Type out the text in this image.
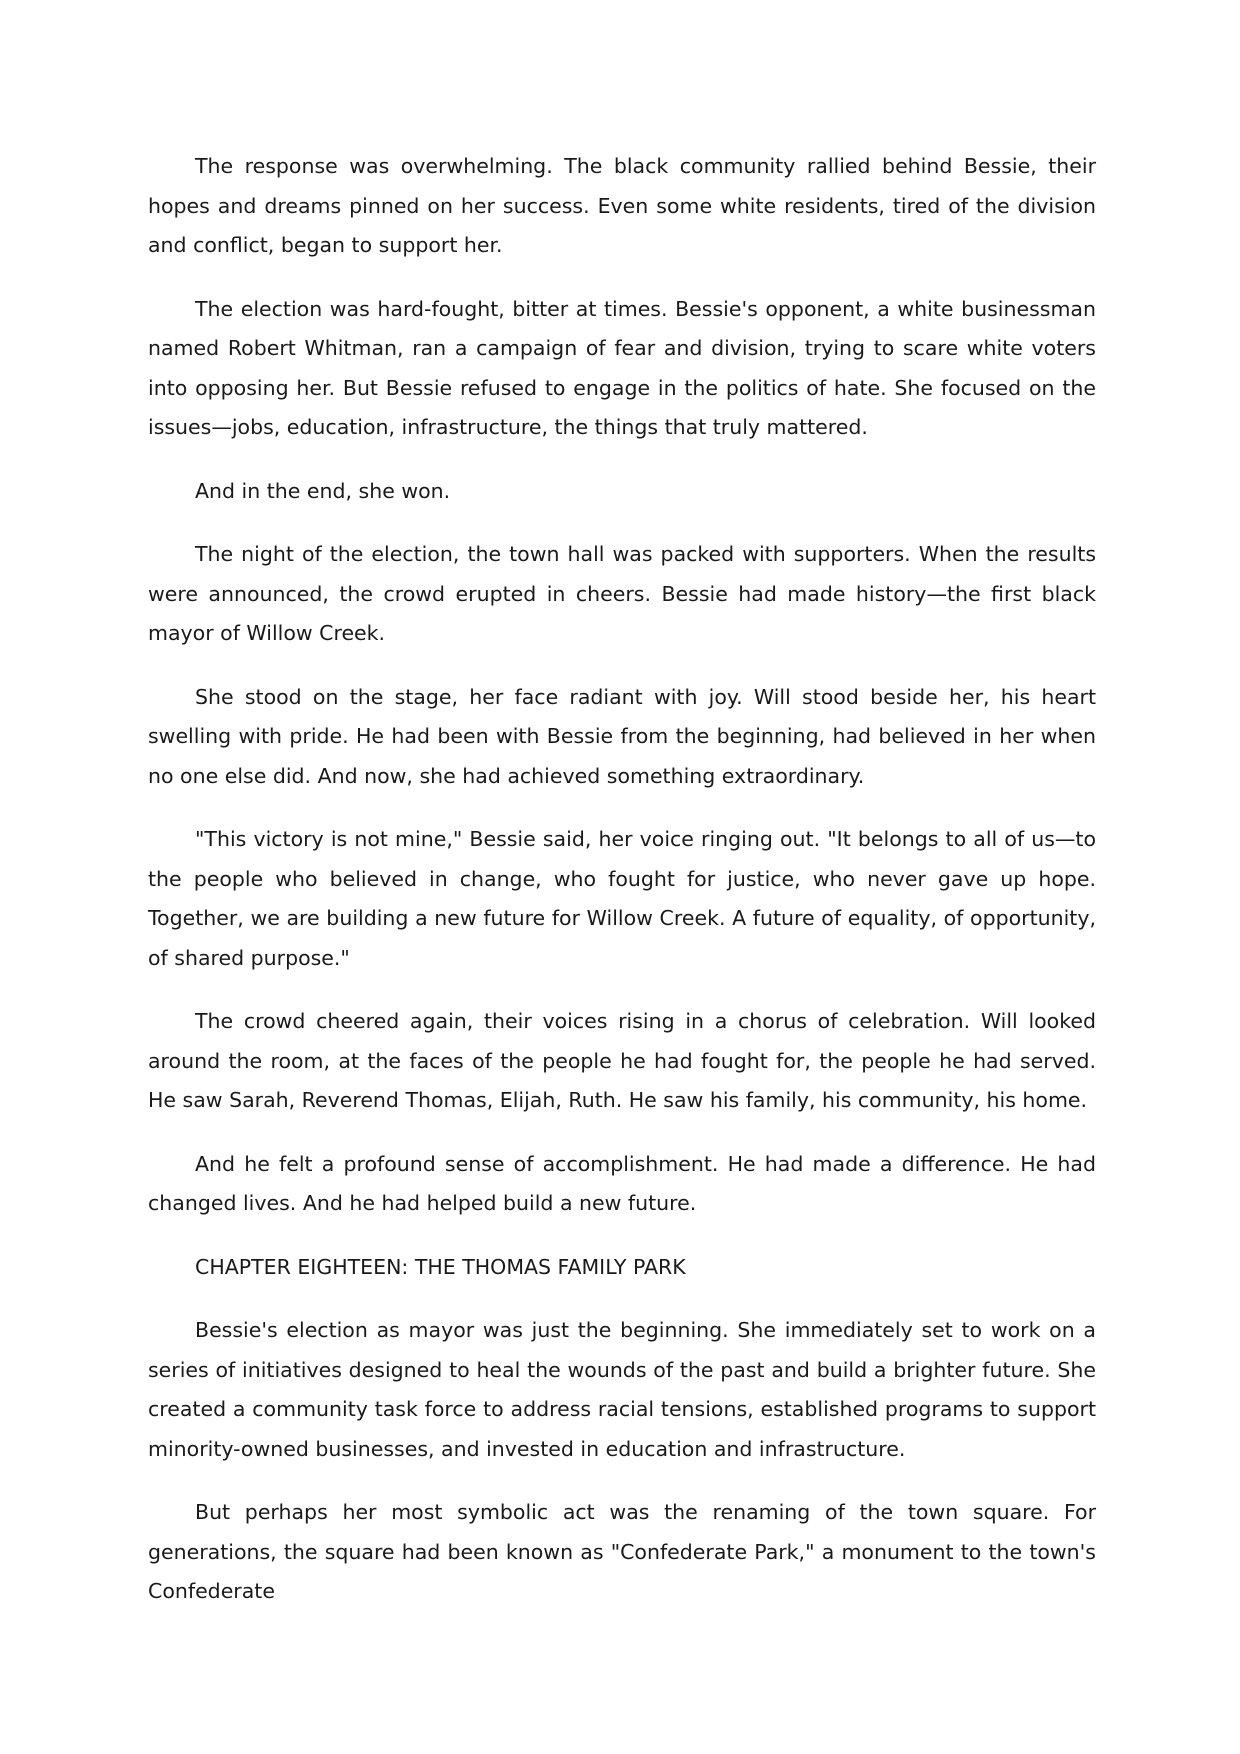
The response was overwhelming. The black community rallied behind Bessie, their hopes and dreams pinned on her success. Even some white residents, tired of the division and conflict, began to support her.

The election was hard-fought, bitter at times. Bessie's opponent, a white businessman named Robert Whitman, ran a campaign of fear and division, trying to scare white voters into opposing her. But Bessie refused to engage in the politics of hate. She focused on the issues—jobs, education, infrastructure, the things that truly mattered.

And in the end, she won.

The night of the election, the town hall was packed with supporters. When the results were announced, the crowd erupted in cheers. Bessie had made history—the first black mayor of Willow Creek.

She stood on the stage, her face radiant with joy. Will stood beside her, his heart swelling with pride. He had been with Bessie from the beginning, had believed in her when no one else did. And now, she had achieved something extraordinary.

"This victory is not mine," Bessie said, her voice ringing out. "It belongs to all of us—to the people who believed in change, who fought for justice, who never gave up hope. Together, we are building a new future for Willow Creek. A future of equality, of opportunity, of shared purpose."

The crowd cheered again, their voices rising in a chorus of celebration. Will looked around the room, at the faces of the people he had fought for, the people he had served. He saw Sarah, Reverend Thomas, Elijah, Ruth. He saw his family, his community, his home.

And he felt a profound sense of accomplishment. He had made a difference. He had changed lives. And he had helped build a new future.

CHAPTER EIGHTEEN: THE THOMAS FAMILY PARK

Bessie's election as mayor was just the beginning. She immediately set to work on a series of initiatives designed to heal the wounds of the past and build a brighter future. She created a community task force to address racial tensions, established programs to support minority-owned businesses, and invested in education and infrastructure.

But perhaps her most symbolic act was the renaming of the town square. For generations, the square had been known as "Confederate Park," a monument to the town's Confederate
